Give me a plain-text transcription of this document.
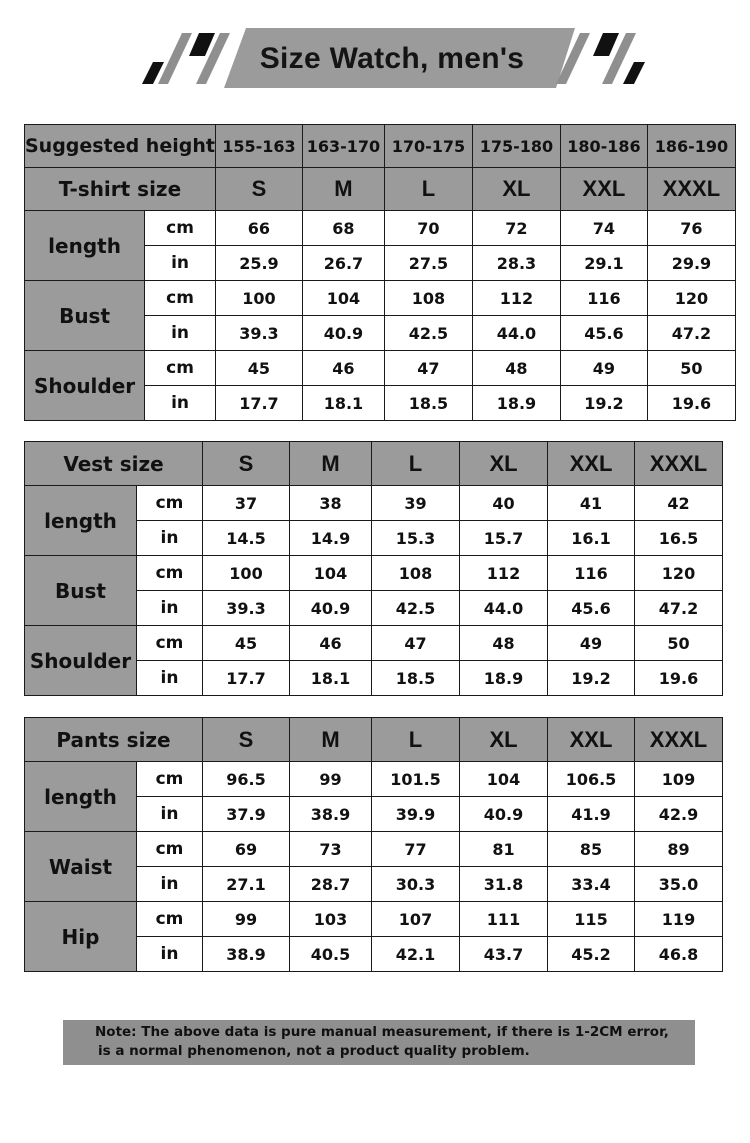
Size Watch, men's
Suggested height		155-163	163-170	170-175	175-180	180-186	186-190
T-shirt size		S	M	L	XL	XXL	XXXL
length	cm	66	68	70	72	74	76
	in	25.9	26.7	27.5	28.3	29.1	29.9
Bust	cm	100	104	108	112	116	120
	in	39.3	40.9	42.5	44.0	45.6	47.2
Shoulder	cm	45	46	47	48	49	50
	in	17.7	18.1	18.5	18.9	19.2	19.6
Vest size		S	M	L	XL	XXL	XXXL
length	cm	37	38	39	40	41	42
	in	14.5	14.9	15.3	15.7	16.1	16.5
Bust	cm	100	104	108	112	116	120
	in	39.3	40.9	42.5	44.0	45.6	47.2
Shoulder	cm	45	46	47	48	49	50
	in	17.7	18.1	18.5	18.9	19.2	19.6
Pants size		S	M	L	XL	XXL	XXXL
length	cm	96.5	99	101.5	104	106.5	109
	in	37.9	38.9	39.9	40.9	41.9	42.9
Waist	cm	69	73	77	81	85	89
	in	27.1	28.7	30.3	31.8	33.4	35.0
Hip	cm	99	103	107	111	115	119
	in	38.9	40.5	42.1	43.7	45.2	46.8
Note: The above data is pure manual measurement, if there is 1-2CM error,
is a normal phenomenon, not a product quality problem.
